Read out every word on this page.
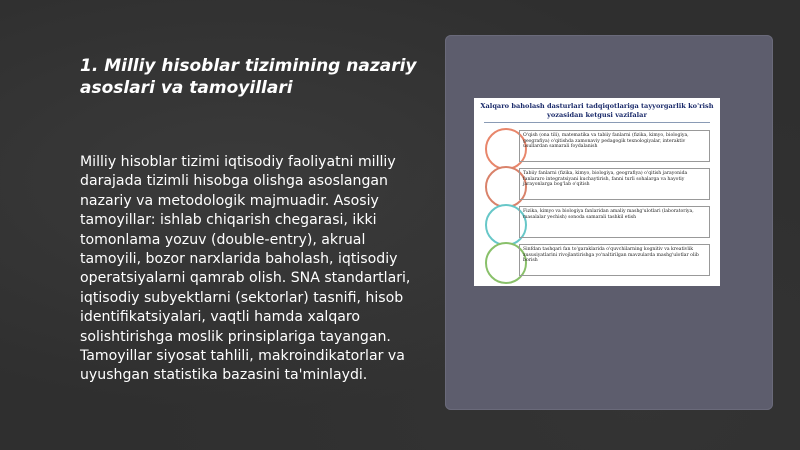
1. Milliy hisoblar tizimining nazariy asoslari va tamoyillari
Milliy hisoblar tizimi iqtisodiy faoliyatni milliy darajada tizimli hisobga olishga asoslangan nazariy va metodologik majmuadir. Asosiy tamoyillar: ishlab chiqarish chegarasi, ikki tomonlama yozuv (double-entry), akrual tamoyili, bozor narxlarida baholash, iqtisodiy operatsiyalarni qamrab olish. SNA standartlari, iqtisodiy subyektlarni (sektorlar) tasnifi, hisob identifikatsiyalari, vaqtli hamda xalqaro solishtirishga moslik prinsiplariga tayangan. Tamoyillar siyosat tahlili, makroindikatorlar va uyushgan statistika bazasini ta'minlaydi.
Xalqaro baholash dasturlari tadqiqotlariga tayyorgarlik ko'rish yozasidan ketgusi vazifalar
O'qish (ona tili), matematika va tabiiy fanlarni (fizika, kimyo, biologiya, geografiya) o'qitishda zamonaviy pedagogik texnologiyalar, interaktiv usullardan samarali foydalanish
Tabiiy fanlarni (fizika, kimyo, biologiya, geografiya) o'qitish jarayonida fanlararo integratsiyani kuchaytirish, fanni turli sohalarga va hayotiy jarayonlarga bog'lab o'qitish
Fizika, kimyo va biologiya fanlaridan amaliy mashg'ulotlari (laboratoriya, masalalar yechish) sonoda samarali tashkil etish
Sinfdan tashqari fan to'garaklarida o'quvchilarning kognitiv va kreativlik xususiyatlarini rivojlantirishga yo'naltirilgan mavzularda mashg'ulotlar olib borish
